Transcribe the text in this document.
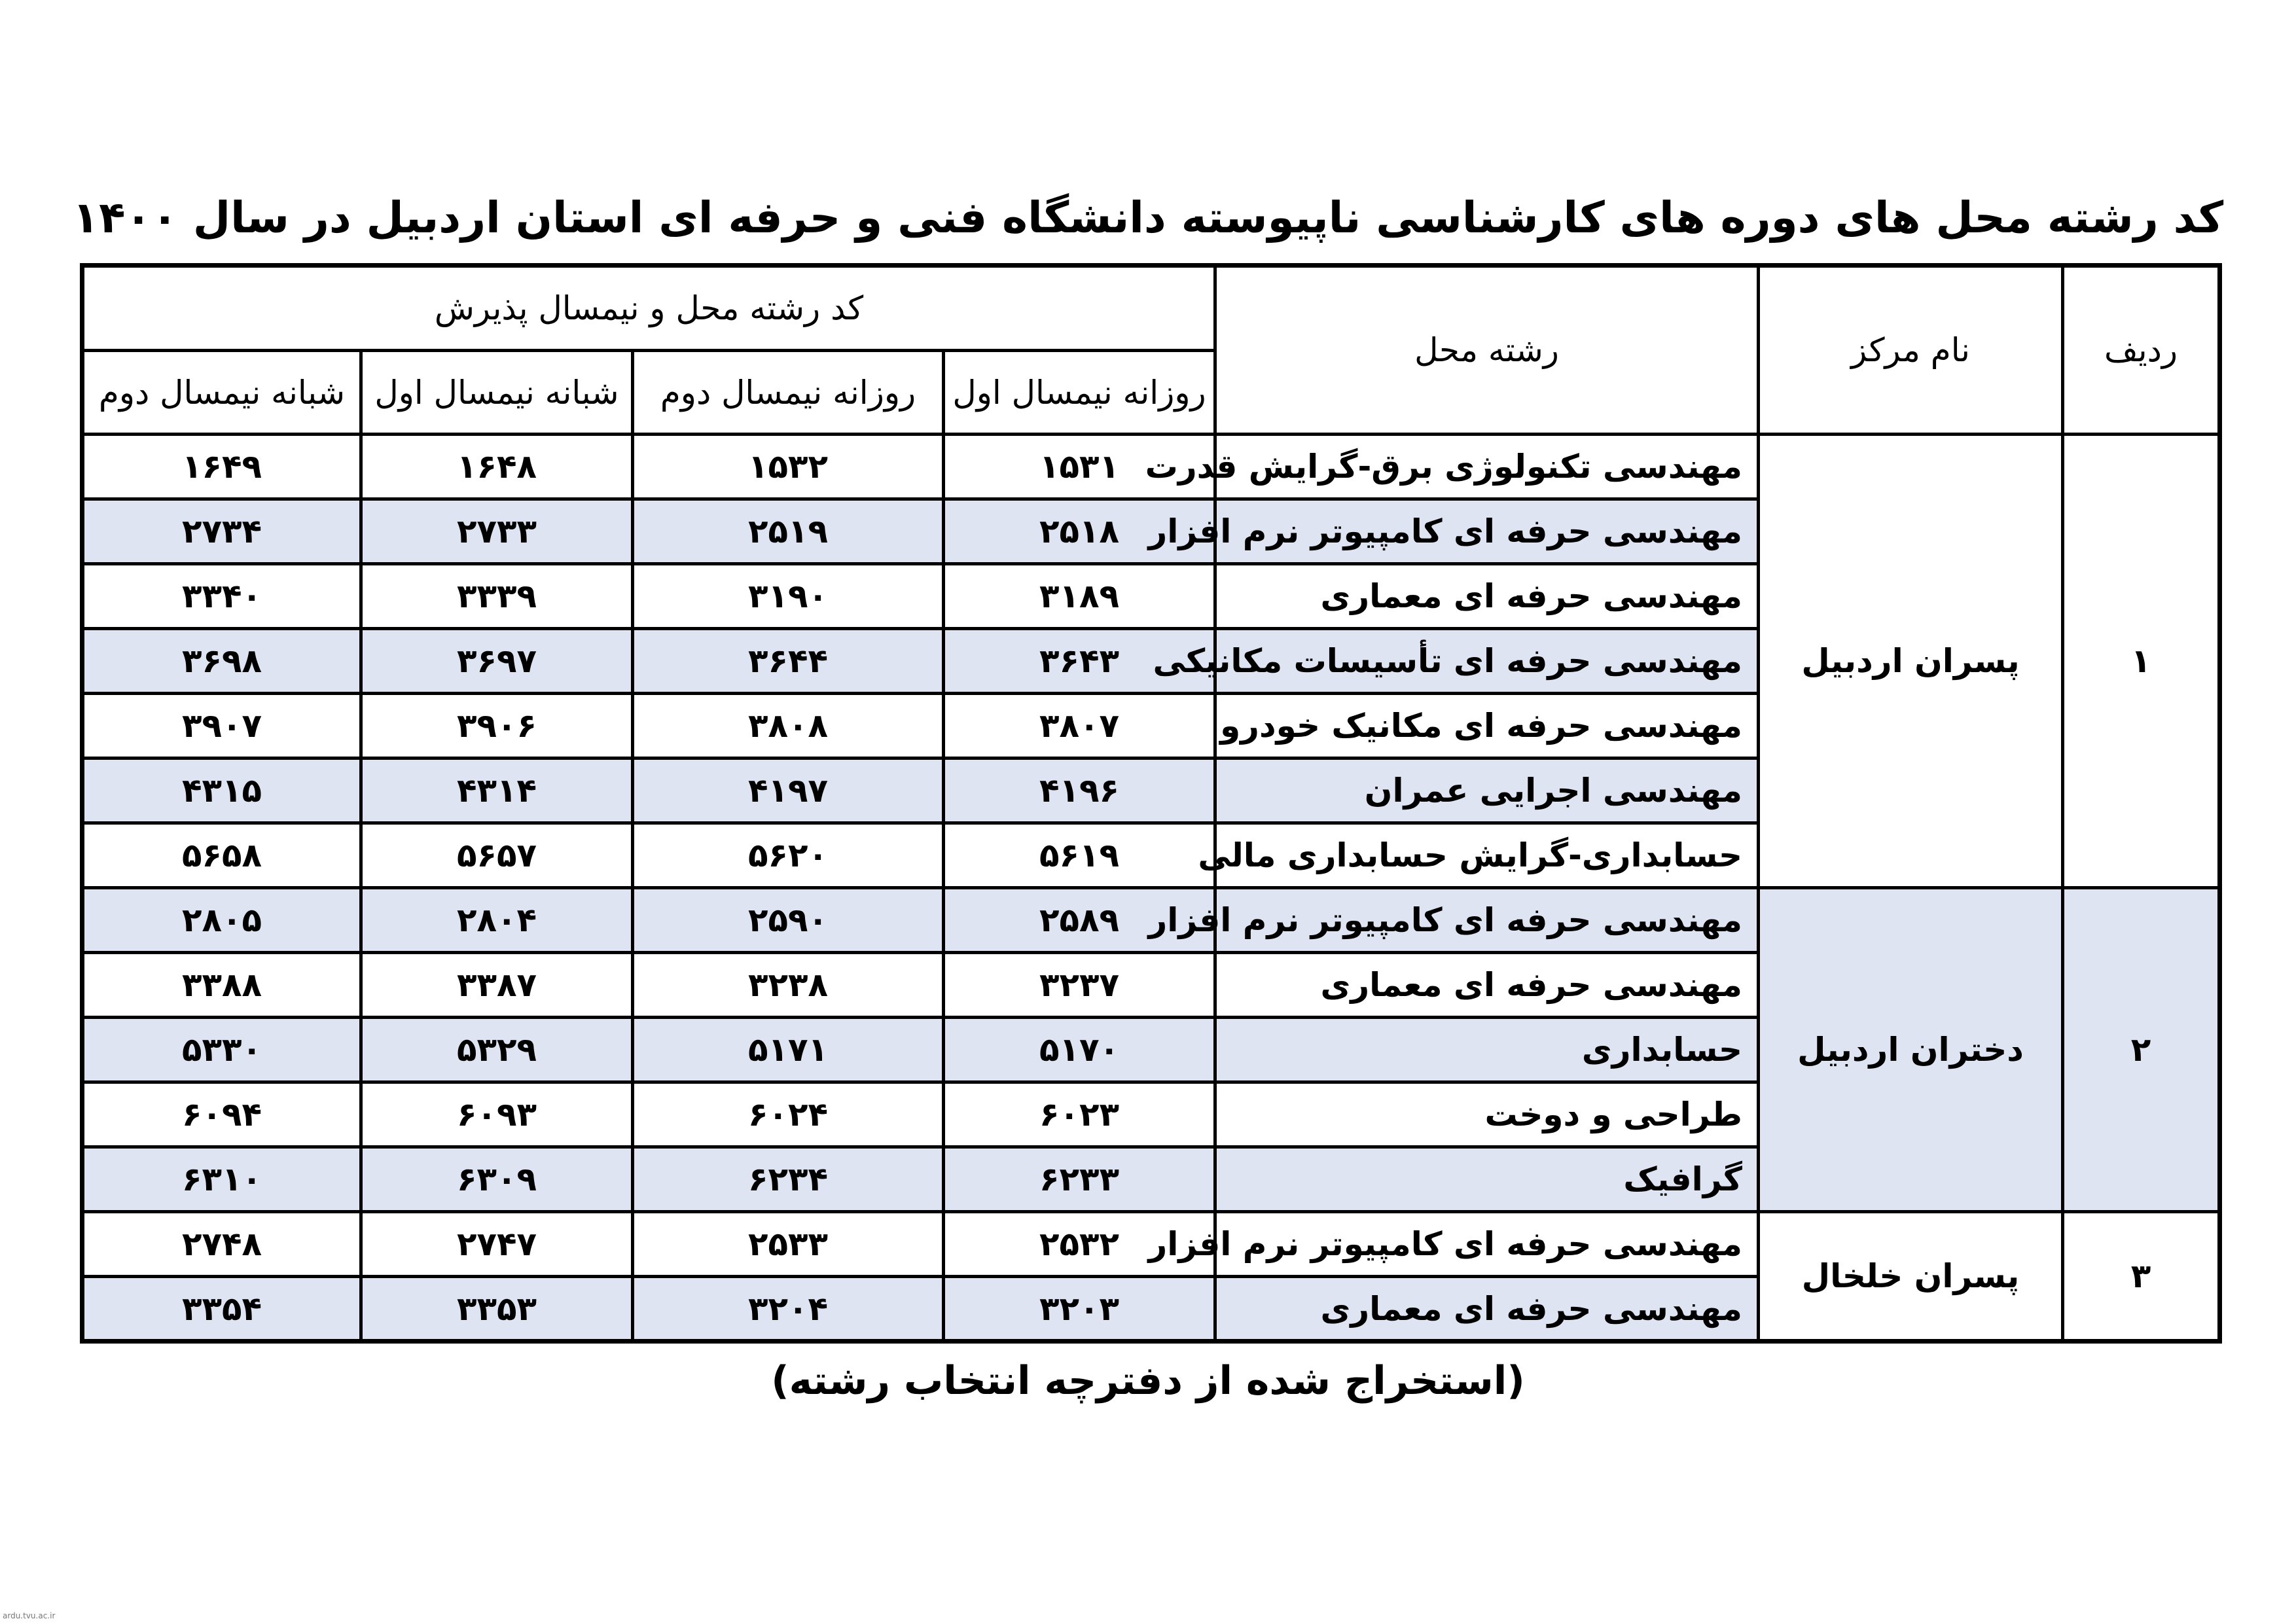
کد رشته محل های دوره های کارشناسی ناپیوسته دانشگاه فنی و حرفه ای استان اردبیل در سال ۱۴۰۰
ردیف	نام مرکز	رشته محل	کد رشته محل و نیمسال پذیرش			
			روزانه نیمسال اول	روزانه نیمسال دوم	شبانه نیمسال اول	شبانه نیمسال دوم
۱	پسران اردبیل	مهندسی تکنولوژی برق-گرایش قدرت	۱۵۳۱	۱۵۳۲	۱۶۴۸	۱۶۴۹
		مهندسی حرفه ای کامپیوتر نرم افزار	۲۵۱۸	۲۵۱۹	۲۷۳۳	۲۷۳۴
		مهندسی حرفه ای معماری	۳۱۸۹	۳۱۹۰	۳۳۳۹	۳۳۴۰
		مهندسی حرفه ای تأسیسات مکانیکی	۳۶۴۳	۳۶۴۴	۳۶۹۷	۳۶۹۸
		مهندسی حرفه ای مکانیک خودرو	۳۸۰۷	۳۸۰۸	۳۹۰۶	۳۹۰۷
		مهندسی اجرایی عمران	۴۱۹۶	۴۱۹۷	۴۳۱۴	۴۳۱۵
		حسابداری-گرایش حسابداری مالی	۵۶۱۹	۵۶۲۰	۵۶۵۷	۵۶۵۸
۲	دختران اردبیل	مهندسی حرفه ای کامپیوتر نرم افزار	۲۵۸۹	۲۵۹۰	۲۸۰۴	۲۸۰۵
		مهندسی حرفه ای معماری	۳۲۳۷	۳۲۳۸	۳۳۸۷	۳۳۸۸
		حسابداری	۵۱۷۰	۵۱۷۱	۵۳۲۹	۵۳۳۰
		طراحی و دوخت	۶۰۲۳	۶۰۲۴	۶۰۹۳	۶۰۹۴
		گرافیک	۶۲۳۳	۶۲۳۴	۶۳۰۹	۶۳۱۰
۳	پسران خلخال	مهندسی حرفه ای کامپیوتر نرم افزار	۲۵۳۲	۲۵۳۳	۲۷۴۷	۲۷۴۸
		مهندسی حرفه ای معماری	۳۲۰۳	۳۲۰۴	۳۳۵۳	۳۳۵۴
(استخراج شده از دفترچه انتخاب رشته)
ardu.tvu.ac.ir
